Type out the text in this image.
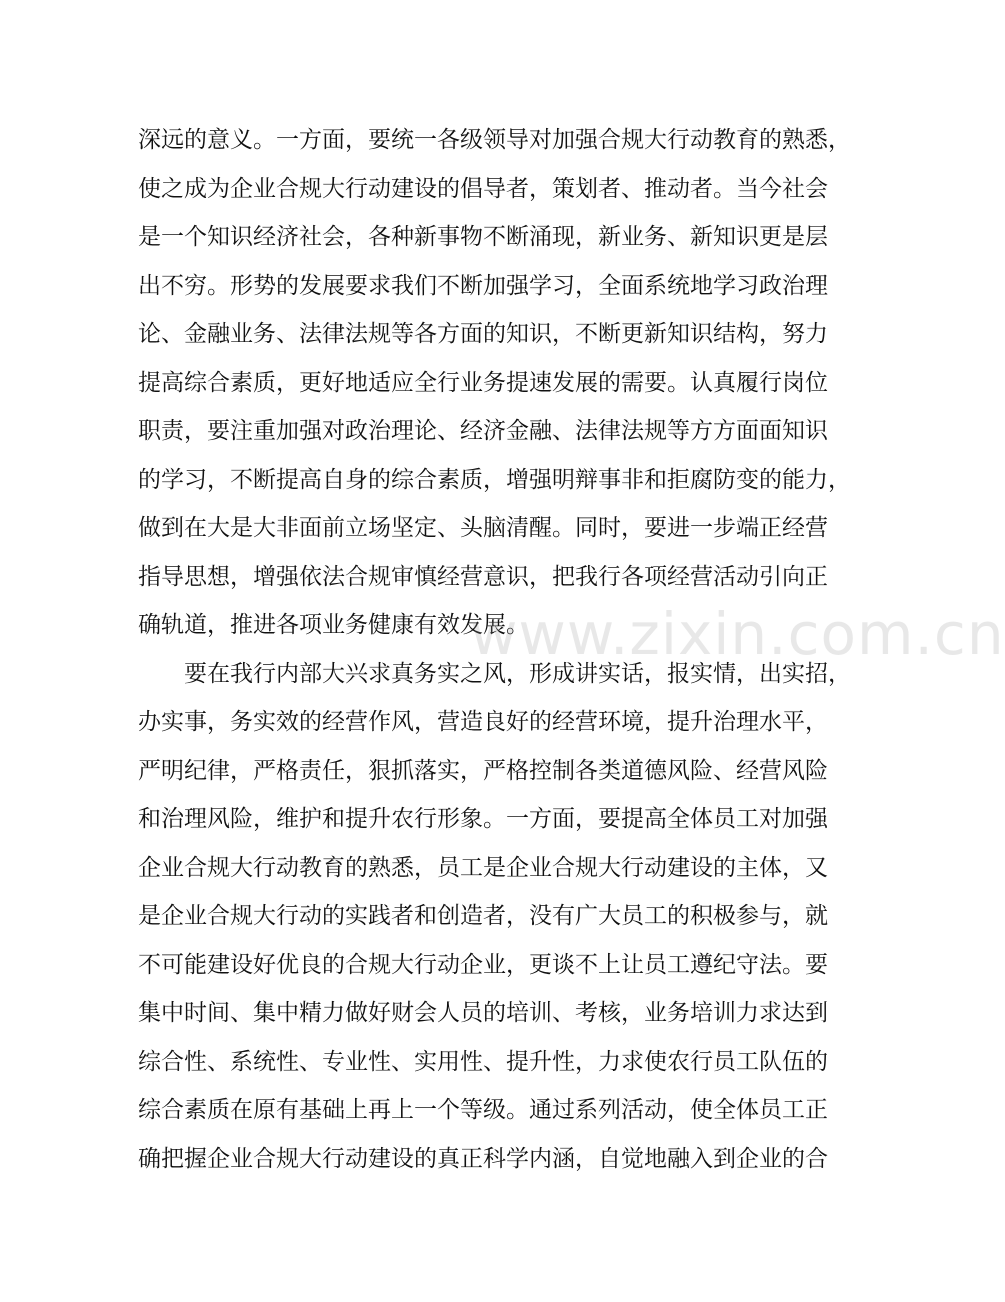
深远的意义。一方面，要统一各级领导对加强合规大行动教育的熟悉，
使之成为企业合规大行动建设的倡导者，策划者、推动者。当今社会
是一个知识经济社会，各种新事物不断涌现，新业务、新知识更是层
出不穷。形势的发展要求我们不断加强学习，全面系统地学习政治理
论、金融业务、法律法规等各方面的知识，不断更新知识结构，努力
提高综合素质，更好地适应全行业务提速发展的需要。认真履行岗位
职责，要注重加强对政治理论、经济金融、法律法规等方方面面知识
的学习，不断提高自身的综合素质，增强明辩事非和拒腐防变的能力，
做到在大是大非面前立场坚定、头脑清醒。同时，要进一步端正经营
指导思想，增强依法合规审慎经营意识，把我行各项经营活动引向正
确轨道，推进各项业务健康有效发展。
要在我行内部大兴求真务实之风，形成讲实话，报实情，出实招，
办实事，务实效的经营作风，营造良好的经营环境，提升治理水平，
严明纪律，严格责任，狠抓落实，严格控制各类道德风险、经营风险
和治理风险，维护和提升农行形象。一方面，要提高全体员工对加强
企业合规大行动教育的熟悉，员工是企业合规大行动建设的主体，又
是企业合规大行动的实践者和创造者，没有广大员工的积极参与，就
不可能建设好优良的合规大行动企业，更谈不上让员工遵纪守法。要
集中时间、集中精力做好财会人员的培训、考核，业务培训力求达到
综合性、系统性、专业性、实用性、提升性，力求使农行员工队伍的
综合素质在原有基础上再上一个等级。通过系列活动，使全体员工正
确把握企业合规大行动建设的真正科学内涵，自觉地融入到企业的合
www.zixin.com.cn
